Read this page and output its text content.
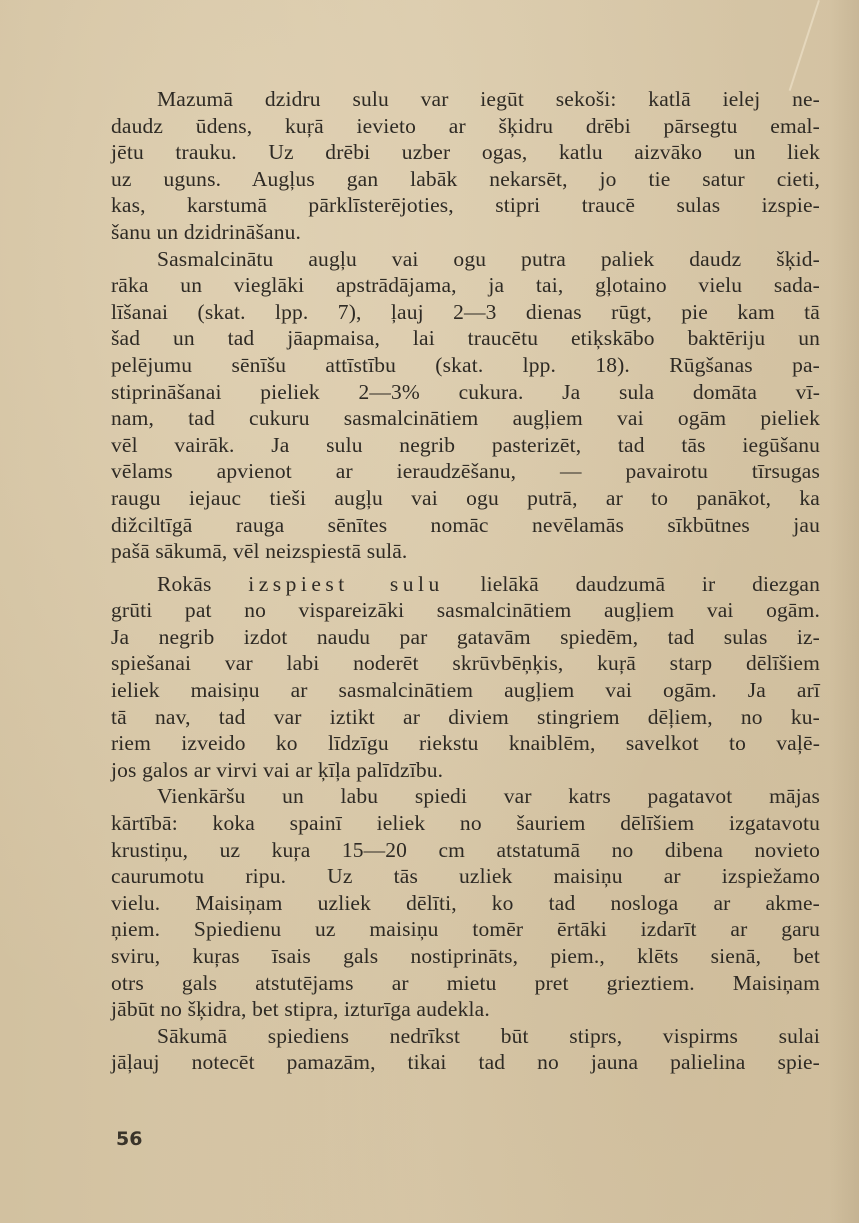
Mazumā dzidru sulu var iegūt sekoši: katlā ielej ne-
daudz ūdens, kuŗā ievieto ar šķidru drēbi pārsegtu emal-
jētu trauku. Uz drēbi uzber ogas, katlu aizvāko un liek
uz uguns. Augļus gan labāk nekarsēt, jo tie satur cieti,
kas, karstumā pārklīsterējoties, stipri traucē sulas izspie-
šanu un dzidrināšanu.
Sasmalcinātu augļu vai ogu putra paliek daudz šķid-
rāka un vieglāki apstrādājama, ja tai, gļotaino vielu sada-
līšanai (skat. lpp. 7), ļauj 2—3 dienas rūgt, pie kam tā
šad un tad jāapmaisa, lai traucētu etiķskābo baktēriju un
pelējumu sēnīšu attīstību (skat. lpp. 18). Rūgšanas pa-
stiprināšanai pieliek 2—3% cukura. Ja sula domāta vī-
nam, tad cukuru sasmalcinātiem augļiem vai ogām pieliek
vēl vairāk. Ja sulu negrib pasterizēt, tad tās iegūšanu
vēlams apvienot ar ieraudzēšanu, — pavairotu tīrsugas
raugu iejauc tieši augļu vai ogu putrā, ar to panākot, ka
dižciltīgā rauga sēnītes nomāc nevēlamās sīkbūtnes jau
pašā sākumā, vēl neizspiestā sulā.
Rokās izspiest sulu lielākā daudzumā ir diezgan
grūti pat no vispareizāki sasmalcinātiem augļiem vai ogām.
Ja negrib izdot naudu par gatavām spiedēm, tad sulas iz-
spiešanai var labi noderēt skrūvbēņķis, kuŗā starp dēlīšiem
ieliek maisiņu ar sasmalcinātiem augļiem vai ogām. Ja arī
tā nav, tad var iztikt ar diviem stingriem dēļiem, no ku-
riem izveido ko līdzīgu riekstu knaiblēm, savelkot to vaļē-
jos galos ar virvi vai ar ķīļa palīdzību.
Vienkāršu un labu spiedi var katrs pagatavot mājas
kārtībā: koka spainī ieliek no šauriem dēlīšiem izgatavotu
krustiņu, uz kuŗa 15—20 cm atstatumā no dibena novieto
caurumotu ripu. Uz tās uzliek maisiņu ar izspiežamo
vielu. Maisiņam uzliek dēlīti, ko tad nosloga ar akme-
ņiem. Spiedienu uz maisiņu tomēr ērtāki izdarīt ar garu
sviru, kuŗas īsais gals nostiprināts, piem., klēts sienā, bet
otrs gals atstutējams ar mietu pret grieztiem. Maisiņam
jābūt no šķidra, bet stipra, izturīga audekla.
Sākumā spiediens nedrīkst būt stiprs, vispirms sulai
jāļauj notecēt pamazām, tikai tad no jauna palielina spie-
56
